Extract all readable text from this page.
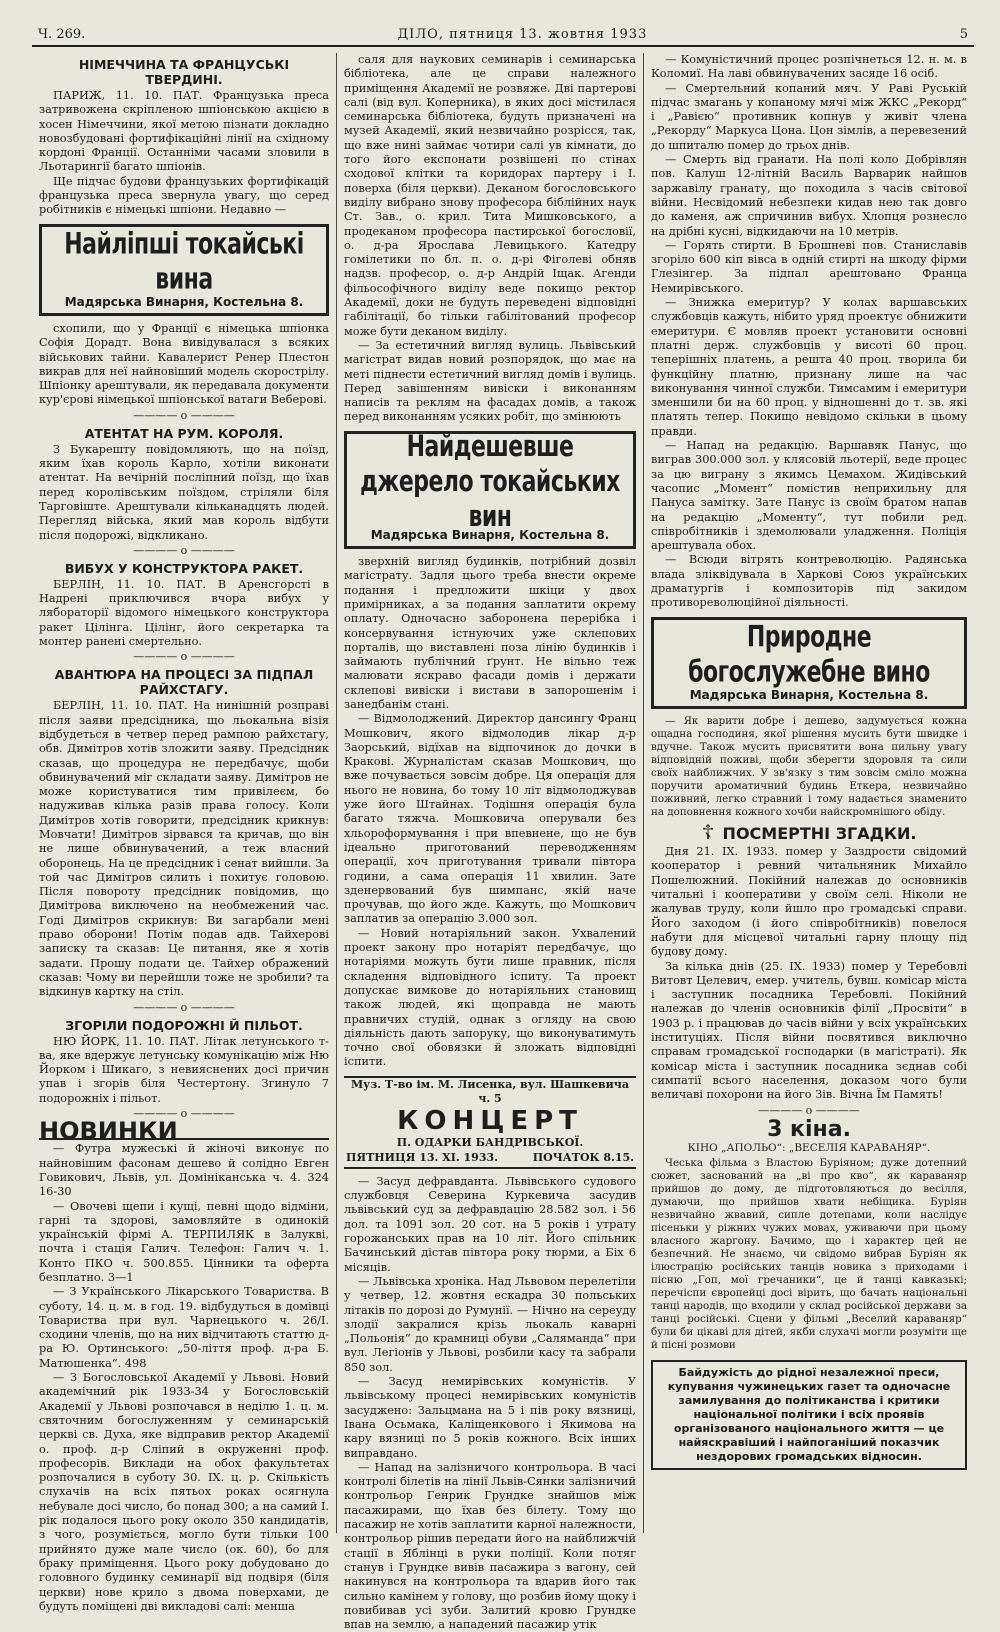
Ч. 269.	ДІЛО, пятниця 13. жовтня 1933	5
НІМЕЧЧИНА ТА ФРАНЦУСЬКІ ТВЕРДИНІ.

ПАРИЖ, 11. 10. ПАТ. Французька преса затривожена скріпленою шпіонською акцією в хосен Німеччини, якої метою пізнати докладно новозбудовані фортифікаційні лінії на східному кордоні Франції. Останніми часами зловили в Льотарингії багато шпіонів.

Ще підчас будови французьких фортифікацій французька преса звернула увагу, що серед робітників є німецькі шпіони. Недавно —

Найліпші токайські вина
Мадярська Винарня, Костельна 8.

схопили, що у Франції є німецька шпіонка Софія Дорадт. Вона вивідувалася з всяких військових тайни. Кавалерист Ренер Плестон викрав для неї найновіший модель скорострілу. Шпіонку арештували, як передавала документи кур'єрові німецької шпіонської ватаги Веберові.

———— o ————
АТЕНТАТ НА РУМ. КОРОЛЯ.

З Букарешту повідомляють, що на поїзд, яким їхав король Карло, хотіли виконати атентат. На вечірній посліпний поїзд, що їхав перед королівським поїздом, стріляли біля Тарговіште. Арештували кільканадцять людей. Перегляд війська, який мав король відбути після подорожі, відкликано.

———— o ————
ВИБУХ У КОНСТРУКТОРА РАКЕТ.

БЕРЛІН, 11. 10. ПАТ. В Аренсгорсті в Надрені приключився вчора вибух у ляборaторії відомого німецького конструктора ракет Цілінга. Цілінг, його секретарка та монтер ранені смертельно.

———— o ————
АВАНТЮРА НА ПРОЦЕСІ ЗА ПІДПАЛ РАЙХСТАГУ.

БЕРЛІН, 11. 10. ПАТ. На нинішній розправі після заяви предсідника, що льокальна візія відбудеться в четвер перед рампою райхстагу, обв. Димітров хотів зложити заяву. Предсідник сказав, що процедура не передбачує, щоби обвинувачений міг складати заяву. Димітров не може користуватися тим привілеєм, бо надуживав кілька разів права голосу. Коли Димітров хотів говорити, предсідник крикнув: Мовчати! Димітров зірвався та кричав, що він не лише обвинувачений, а теж власний оборонець. На це предсідник і сенат вийшли. За той час Димітров силить і похитує головою. Після повороту предсідник повідомив, що Димітрова виключено на необмежений час. Годі Димітров скрикнув: Ви загарбали мені право оборони! Потім подав адв. Тайхерові записку та сказав: Це питання, яке я хотів задати. Прошу подати це. Тайхер ображений сказав: Чому ви перейшли тоже не зробили? та відкинув картку на стіл.

———— o ————
ЗГОРІЛИ ПОДОРОЖНІ Й ПІЛЬОТ.

НЮ ЙОРК, 11. 10. ПАТ. Літак летунського т-ва, яке вдержує летунську комунікацію між Ню Йорком і Шикаго, з невияснених досі причин упав і згорів біля Честертону. Згинуло 7 подорожніх і пільот.

———— o ————
НОВИНКИ

— Футра мужеські й жіночі виконує по найновішим фасонам дешево й солідно Евген Говикович, Львів, ул. Домініканська ч. 4. 324 16-30

— Овочеві щепи і кущі, певні щодо відміни, гарні та здорові, замовляйте в одинокій українській фірмі А. ТЕРПИЛЯК в Залуквi, почта і стація Галич. Телефон: Галич ч. 1. Конто ПКО ч. 500.855. Цінники та офертa безплатно. 3—1

— З Українського Лікарського Товариства. В суботу, 14. ц. м. в год. 19. відбудуться в домівці Товариства при вул. Чарнецького ч. 26/І. сходини членів, що на них відчитають статтю д-ра Ю. Ортинського: „50-ліття проф. д-ра Б. Матюшенка“. 498

— З Богословської Академії у Львові. Новий академічний рік 1933-34 у Богословській Академії у Львові розпочався в неділю 1. ц. м. святочним богослуженням у семинарській церкві св. Духа, яке відправив ректор Академії о. проф. д-р Сліпий в окруженні проф. професорів. Виклади на обох факультетах розпочалися в суботу 30. ІХ. ц. р. Скількість слухачів на всіх пятьох роках осягнула небувале досі число, бо понад 300; а на самий І. рік подалося цього року около 350 кандидатів, з чого, розуміється, могло бути тільки 100 прийнято дуже мале число (ок. 60), бо для браку приміщення. Цього року добудовано до головного будинку семинарії від подвіря (біля церкви) нове крило з двома поверхами, де будуть поміщені дві викладові салі: менша

саля для наукових семинарів і семинарська бібліотека, але це справи належного приміщення Академії не розвяже. Дві партерові салі (від вул. Коперника), в яких досі містилася семинарська бібліотека, будуть призначені на музей Академії, який незвичайно розрісся, так, що вже нині займає чотири салі ув кімнати, до того його експонати розвішені по стінах сходової клітки та коридорах партеру і І. поверха (біля церкви). Деканом богословського виділу вибрано знову професора біблійних наук Ст. Зав., о. крил. Тита Мишковського, а продеканом професора пастирської богословії, о. д-ра Ярослава Левицького. Катедру гомілетики по бл. п. о. д-рі Фіголеві обняв надзв. професор, о. д-р Андрій Іщак. Агенди фільософічного виділу веде покищо ректор Академії, доки не будуть переведені відповідні габілітації, бо тільки габілітований професор може бути деканом виділу.

— За естетичний вигляд вулиць. Львівський магістрат видав новий розпорядок, що має на меті піднести естетичний вигляд домів і вулиць. Перед завішенням вивіски і виконанням написів та реклям на фасадах домів, а також перед виконанням усяких робіт, що змінюють

Найдешевше джерело токайських вин
Мадярська Винарня, Костельна 8.

зверхній вигляд будинків, потрібний дозвіл магістрату. Задля цього треба внести окреме подання і предложити шкіци у двох примірниках, а за подання заплатити окрему оплату. Одночасно заборонена перерібка і консервування істнуючих уже склепових порталів, що виставлені поза лінію будинків і займають публічний ґрунт. Не вільно теж малювати яскраво фасади домів і держати склепові вивіски і вистави в запорошенім і занедбанім стані.

— Відмолоджений. Директор дансингу Франц Мошкович, якого відмолодив лікар д-р Заорський, відїхав на відпочинок до дочки в Кракові. Журналістам сказав Мошкович, що вже почувається зовсім добре. Ця операція для нього не новина, бо тому 10 літ відмолоджував уже його Штайнах. Тодішня операція була багато тяжча. Мошковича оперували без хльороформування і при впевнене, що не був ідеально приготований переводженням операції, хоч приготування тривали півтора години, а сама операція 11 хвилин. Зате зденервований був шимпанс, якій наче прочував, що його жде. Кажуть, що Мошкович заплатив за операцію 3.000 зол.

— Новий нотаріяльний закон. Ухвалений проект закону про нотаріят передбачує, що нотаріями можуть бути лише правник, після складення відповідного іспиту. Та проект допускає вимкове до нотаріяльних становищ також людей, які щоправда не мають правничих студій, однак з огляду на свою діяльність дають запоруку, що виконуватимуть точно свої обовязки й зложать відповідні іспити.

Муз. Т-во ім. М. Лисенка, вул. Шашкевича ч. 5
КОНЦЕРТ
П. ОДАРКИ БАНДРІВСЬКОЇ.
ПЯТНИЦЯ 13. XI. 1933.	ПОЧАТОК 8.15.

— Засуд дефравданта. Львівського судового службовця Северина Куркевича засудив львівський суд за дефравдацію 28.582 зол. і 56 дол. та 1091 зол. 20 сот. на 5 років і утрату горожанських прав на 10 літ. Його спільник Бачинський дістав півтора року тюрми, а Біх 6 місяців.

— Львівська хроніка. Над Львовом перелетіли у четвер, 12. жовтня ескадра 30 польських літаків по дорозі до Румунії. — Нічно на сереуду злодії закралися крізь льокаль каварні „Польонія“ до крамниці обуви „Саляманда“ при вул. Легіонів у Львові, розбили касу та забрали 850 зол.

— Засуд немирівських комуністів. У львівському процесі немирівських комуністів засуджено: Зальцмана на 5 і пів року вязниці, Івана Осьмака, Каліщенкового і Якимова на кару вязниці по 5 років кожного. Всіх інших виправдано.

— Напад на залізничого контрольора. В часі контролі білетів на лінії Львів-Сянки залізничий контрольор Генрик Грундке знайшов між пасажирами, що їхав без білету. Тому що пасажир не хотів заплатити карної належности, контрольор рішив передати його на найближчій стації в Яблінці в руки поліції. Коли потяг станув і Грундке вивів пасажира з вагону, сей накинувся на контрольора та вдарив його так сильно камінем у голову, що розбив йому щоку і повибивав усі зуби. Залитий кровю Грундке впав на землю, а нападений пасажир утік

— Комуністичний процес розпічнеться 12. н. м. в Коломиї. На лаві обвинувачених засяде 16 осіб.

— Смертельний копаний мяч. У Раві Руській підчас змагань у копаному мячі між ЖКС „Рекорд“ і „Равією“ противник копнув у живіт члена „Рекорду“ Маркуса Цона. Цон зімлів, а перевезений до шпиталю помер до трьох днів.

— Смерть від гранати. На полі коло Добрівлян пов. Калуш 12-літній Василь Варварик найшов заржавілу гранату, що походила з часів світової війни. Несвідомий небезпеки кидав нею так довго до каменя, аж спричинив вибух. Хлопця рознесло на дрібні кусні, відкидаючи на 10 метрів.

— Горять стирти. В Брошневі пов. Станиславів згоріло 600 кіп вівса в одній стирті на шкоду фірми Глезінгер. За підпал арештовано Франца Немирівського.

— Знижка емеритур? У колах варшавських службовців кажуть, нібито уряд проектує обнижити емеритури. Є мовляв проект установити основні платні держ. службовців у висоті 60 проц. теперішніх платень, а решта 40 проц. творила би функційну платню, признану лише на час виконування чинної служби. Тимсамим і емеритури зменшили би на 60 проц. у відношенні до т. зв. які платять тепер. Покищо невідомо скільки в цьому правди.

— Напад на редакцію. Варшавяк Панус, що виграв 300.000 зол. у клясовій льотерії, веде процес за цю виграну з якимсь Цемахом. Жидівський часопис „Момент“ помістив неприхильну для Пануса замітку. Зате Панус із своїм братом напав на редакцію „Моменту“, тут побили ред. співробітників і здемолювали уладження. Поліція арештувала обох.

— Всюди вітрять контреволюцію. Радянська влада зліквідувала в Харкові Союз українських драматургів і композиторів під закидом противореволюційної діяльності.

Природне богослужебне вино
Мадярська Винарня, Костельна 8.

— Як варити добре і дешево, задумується кожна ощадна господиня, якої рішення мусить бути швидке і вдучне. Також мусить присвятити вона пильну увагу відповідній поживі, щоби зберегти здоровля та сили своїх найближчих. У зв'язку з тим зовсім сміло можна поручити ароматичний будинь Еткера, незвичайно поживний, легко стравний і тому надається знаменито на доповнення кожного хочби найскромнішого обіду.

☦ ПОСМЕРТНІ ЗГАДКИ.

Дня 21. IX. 1933. помер у Заздрости свідомий кооператор і ревний читальняник Михайло Пошелюжний. Покійний належав до основників читальні і кооперативи у своїм селі. Ніколи не жалував труду, коли йшло про громадські справи. Його заходом (і його співробітників) повелося набути для місцевої читальні гарну площу під будову дому.

За кілька днів (25. IX. 1933) помер у Теребовлі Витовт Целевич, емер. учитель, бувш. комісар міста і заступник посадника Теребовлі. Покійний належав до членів основників філії „Просвіти“ в 1903 р. і працював до часів війни у всіх українських інституціях. Після війни посвятився виключно справам громадської господарки (в магістраті). Як комісар міста і заступник посадника зєднав собі симпатії всього населення, доказом чого були величаві похорони на його Зів. Вічна Їм Память!

———— o ————
3 кіна.
КІНО „АПОЛЬО“: „ВЕСЕЛІЯ КАРАВАНЯР“.

Чеська фільма з Властою Буріяном; дуже дотепний сюжет, заснований на „ві про кво“, як караваняр прийшов до дому, де підготовляються до весілля, думаючи, що прийшов хвати небіщика. Буріян незвичайно жвавий, сипле дотепами, коли наслідує пісеньки у ріжних чужих мовах, уживаючи при цьому власного жаргону. Бачимо, що і характер цей не безпечний. Не знаємо, чи свідомо вибрав Буріян як ілюстрацію російських танців новика з приходами і пісню „Гоп, мої гречаники“, це й танці кавказькі; перечіспи європейці досі вірить, що бачать національні танці народів, що входили у склад російської держави за танці російські. Сцени у фільмі „Веселий караваняр“ були би цікаві для дітей, якби слухачі могли розуміти ще й пісні розмови

Байдужість до рідної незалежної преси, купування чужинецьких газет та одночасне замилування до політиканства і критики національної політики і всіх проявів організованого національного життя — це найяскравіший і найпоганіший показчик нездорових громадських відносин.
